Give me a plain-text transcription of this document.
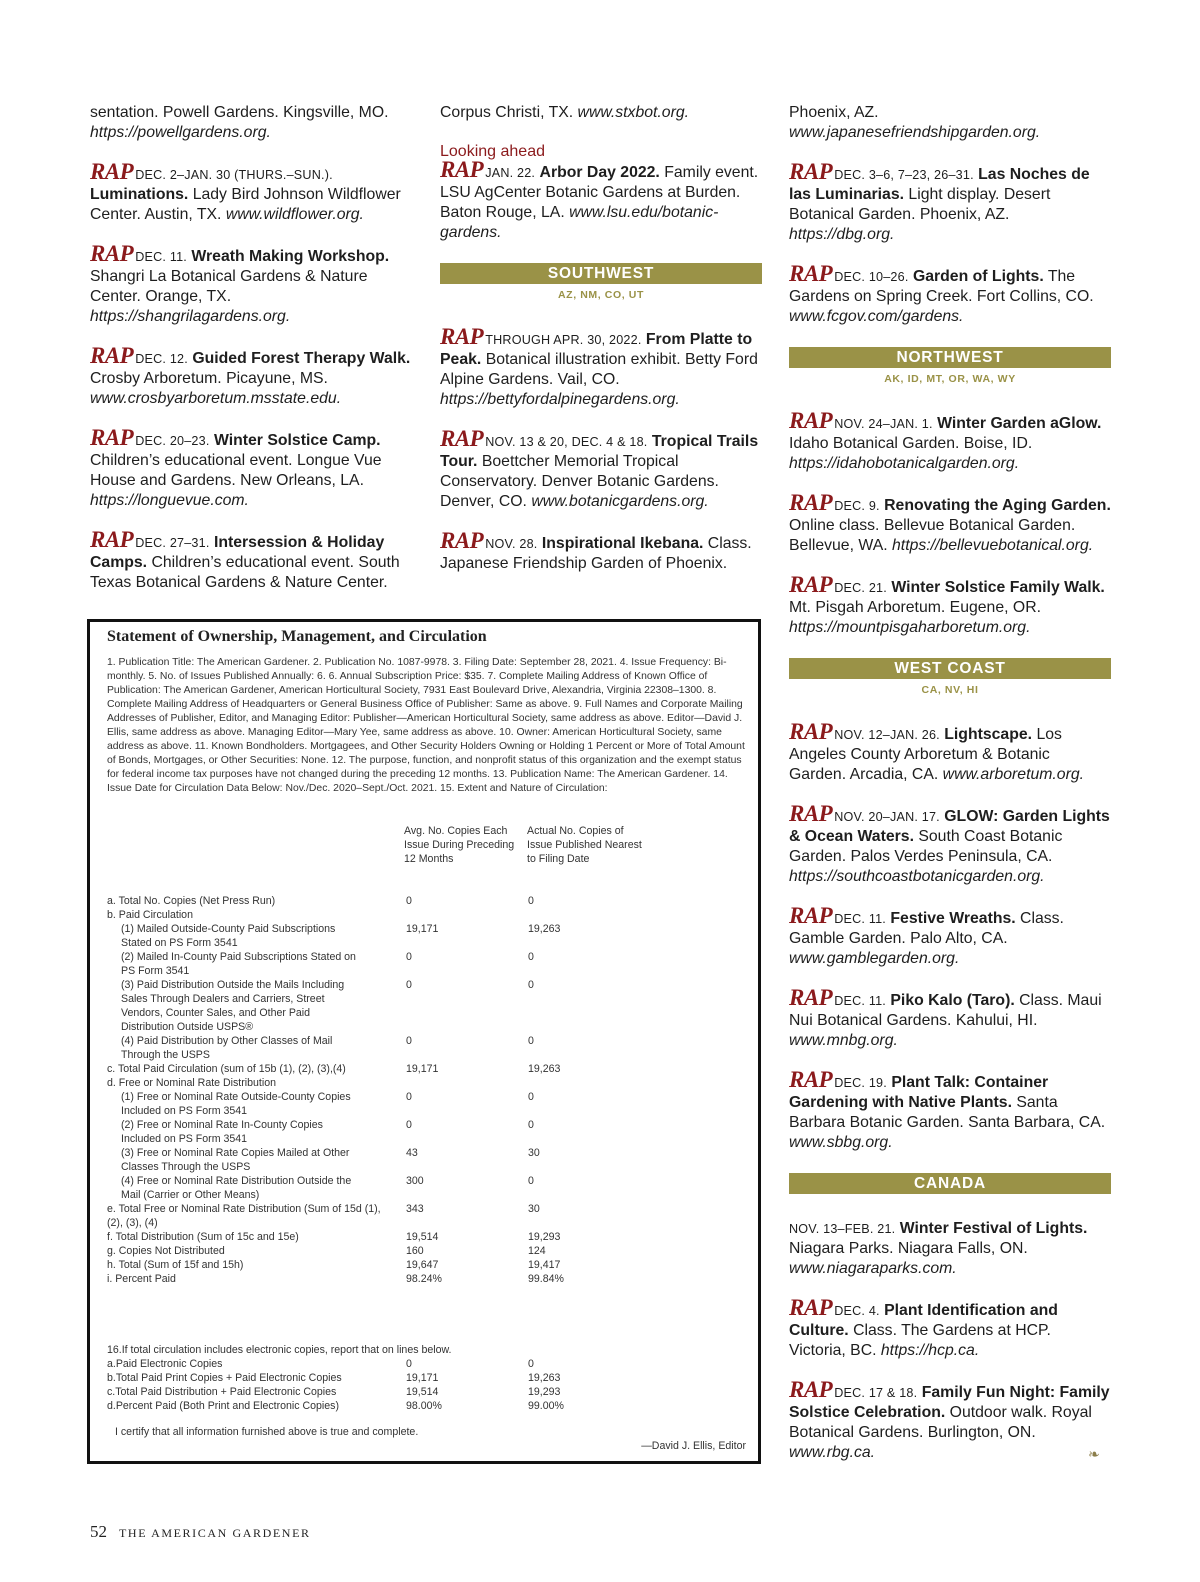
sentation. Powell Gardens. Kingsville, MO. https://powellgardens.org.
RAP DEC. 2–JAN. 30 (THURS.–SUN.). Luminations. Lady Bird Johnson Wildflower Center. Austin, TX. www.wildflower.org.
RAP DEC. 11. Wreath Making Workshop. Shangri La Botanical Gardens & Nature Center. Orange, TX. https://shangrilagardens.org.
RAP DEC. 12. Guided Forest Therapy Walk. Crosby Arboretum. Picayune, MS. www.crosbyarboretum.msstate.edu.
RAP DEC. 20–23. Winter Solstice Camp. Children’s educational event. Longue Vue House and Gardens. New Orleans, LA. https://longuevue.com.
RAP DEC. 27–31. Intersession & Holiday Camps. Children’s educational event. South Texas Botanical Gardens & Nature Center.
Corpus Christi, TX. www.stxbot.org.
Looking ahead
RAP JAN. 22. Arbor Day 2022. Family event. LSU AgCenter Botanic Gardens at Burden. Baton Rouge, LA. www.lsu.edu/botanic-gardens.
SOUTHWEST
AZ, NM, CO, UT
RAP THROUGH APR. 30, 2022. From Platte to Peak. Botanical illustration exhibit. Betty Ford Alpine Gardens. Vail, CO. https://bettyfordalpinegardens.org.
RAP NOV. 13 & 20, DEC. 4 & 18. Tropical Trails Tour. Boettcher Memorial Tropical Conservatory. Denver Botanic Gardens. Denver, CO. www.botanicgardens.org.
RAP NOV. 28. Inspirational Ikebana. Class. Japanese Friendship Garden of Phoenix.
Phoenix, AZ. www.japanesefriendshipgarden.org.
RAP DEC. 3–6, 7–23, 26–31. Las Noches de las Luminarias. Light display. Desert Botanical Garden. Phoenix, AZ. https://dbg.org.
RAP DEC. 10–26. Garden of Lights. The Gardens on Spring Creek. Fort Collins, CO. www.fcgov.com/gardens.
NORTHWEST
AK, ID, MT, OR, WA, WY
RAP NOV. 24–JAN. 1. Winter Garden aGlow. Idaho Botanical Garden. Boise, ID. https://idahobotanicalgarden.org.
RAP DEC. 9. Renovating the Aging Garden. Online class. Bellevue Botanical Garden. Bellevue, WA. https://bellevuebotanical.org.
RAP DEC. 21. Winter Solstice Family Walk. Mt. Pisgah Arboretum. Eugene, OR. https://mountpisgaharboretum.org.
WEST COAST
CA, NV, HI
RAP NOV. 12–JAN. 26. Lightscape. Los Angeles County Arboretum & Botanic Garden. Arcadia, CA. www.arboretum.org.
RAP NOV. 20–JAN. 17. GLOW: Garden Lights & Ocean Waters. South Coast Botanic Garden. Palos Verdes Peninsula, CA. https://southcoastbotanicgarden.org.
RAP DEC. 11. Festive Wreaths. Class. Gamble Garden. Palo Alto, CA. www.gamblegarden.org.
RAP DEC. 11. Piko Kalo (Taro). Class. Maui Nui Botanical Gardens. Kahului, HI. www.mnbg.org.
RAP DEC. 19. Plant Talk: Container Gardening with Native Plants. Santa Barbara Botanic Garden. Santa Barbara, CA. www.sbbg.org.
CANADA
NOV. 13–FEB. 21. Winter Festival of Lights. Niagara Parks. Niagara Falls, ON. www.niagaraparks.com.
RAP DEC. 4. Plant Identification and Culture. Class. The Gardens at HCP. Victoria, BC. https://hcp.ca.
RAP DEC. 17 & 18. Family Fun Night: Family Solstice Celebration. Outdoor walk. Royal Botanical Gardens. Burlington, ON. www.rbg.ca.
Statement of Ownership, Management, and Circulation
1. Publication Title: The American Gardener. 2. Publication No. 1087-9978. 3. Filing Date: September 28, 2021. 4. Issue Frequency: Bi-monthly. 5. No. of Issues Published Annually: 6. 6. Annual Subscription Price: $35. 7. Complete Mailing Address of Known Office of Publication: The American Gardener, American Horticultural Society, 7931 East Boulevard Drive, Alexandria, Virginia 22308–1300. 8. Complete Mailing Address of Headquarters or General Business Office of Publisher: Same as above. 9. Full Names and Corporate Mailing Addresses of Publisher, Editor, and Managing Editor: Publisher—American Horticultural Society, same address as above. Editor—David J. Ellis, same address as above. Managing Editor—Mary Yee, same address as above. 10. Owner: American Horticultural Society, same address as above. 11. Known Bondholders. Mortgagees, and Other Security Holders Owning or Holding 1 Percent or More of Total Amount of Bonds, Mortgages, or Other Securities: None. 12. The purpose, function, and nonprofit status of this organization and the exempt status for federal income tax purposes have not changed during the preceding 12 months. 13. Publication Name: The American Gardener. 14. Issue Date for Circulation Data Below: Nov./Dec. 2020–Sept./Oct. 2021. 15. Extent and Nature of Circulation:
Avg. No. Copies Each Issue During Preceding 12 Months
Actual No. Copies of Issue Published Nearest to Filing Date
a. Total No. Copies (Net Press Run)	0	0
b. Paid Circulation
(1) Mailed Outside-County Paid Subscriptions Stated on PS Form 3541
19,171	19,263
(2) Mailed In-County Paid Subscriptions Stated on PS Form 3541
0	0
(3) Paid Distribution Outside the Mails Including Sales Through Dealers and Carriers, Street Vendors, Counter Sales, and Other Paid Distribution Outside USPS®
0	0
(4) Paid Distribution by Other Classes of Mail Through the USPS
0	0
c. Total Paid Circulation (sum of 15b (1), (2), (3),(4)	19,171	19,263
d. Free or Nominal Rate Distribution
(1) Free or Nominal Rate Outside-County Copies Included on PS Form 3541
0	0
(2) Free or Nominal Rate In-County Copies Included on PS Form 3541
0	0
(3) Free or Nominal Rate Copies Mailed at Other Classes Through the USPS
43	30
(4) Free or Nominal Rate Distribution Outside the Mail (Carrier or Other Means)
300	0
e. Total Free or Nominal Rate Distribution (Sum of 15d (1), (2), (3), (4)
343	30
f. Total Distribution (Sum of 15c and 15e)	19,514	19,293
g. Copies Not Distributed	160	124
h. Total (Sum of 15f and 15h)	19,647	19,417
i. Percent Paid	98.24%	99.84%
16.If total circulation includes electronic copies, report that on lines below.
a.Paid Electronic Copies	0	0
b.Total Paid Print Copies + Paid Electronic Copies	19,171	19,263
c.Total Paid Distribution + Paid Electronic Copies	19,514	19,293
d.Percent Paid (Both Print and Electronic Copies)	98.00%	99.00%
I certify that all information furnished above is true and complete.
—David J. Ellis, Editor
52 THE AMERICAN GARDENER
❧
